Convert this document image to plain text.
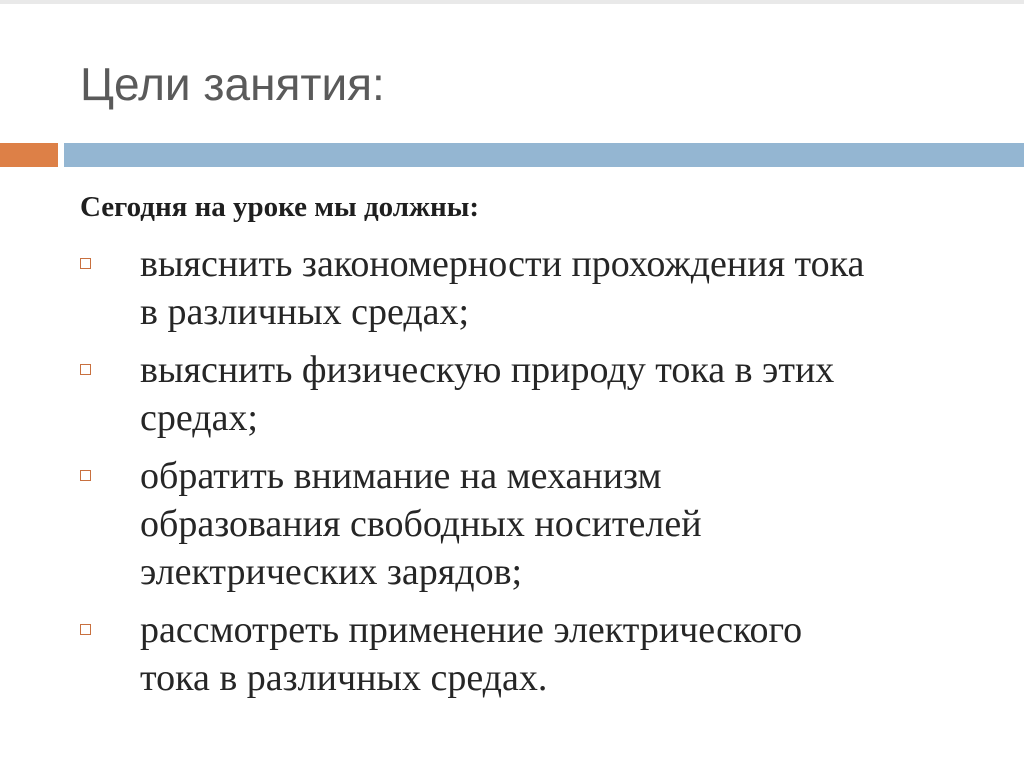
Цели занятия:
Сегодня на уроке мы должны:
выяснить закономерности прохождения тока
в различных средах;
выяснить физическую природу тока в этих
средах;
обратить внимание на механизм
образования свободных носителей
электрических зарядов;
рассмотреть применение электрического
тока в различных средах.
